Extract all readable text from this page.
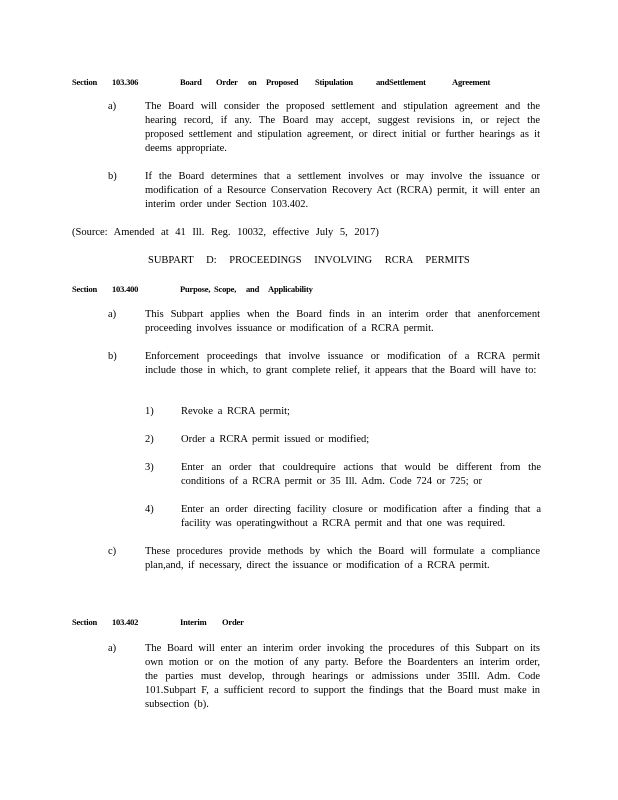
Section	103.306	Board	Order	on	Proposed	Stipulation	andSettlement	Agreement
a)	The Board will consider the proposed settlement and stipulation agreement and the hearing record, if any. The Board may accept, suggest revisions in, or reject the proposed settlement and stipulation agreement, or direct initial or further hearings as it deems appropriate.
b)	If the Board determines that a settlement involves or may involve the issuance or modification of a Resource Conservation Recovery Act (RCRA) permit, it will enter an interim order under Section 103.402.
(Source: Amended at 41 Ill. Reg. 10032, effective July 5, 2017)
SUBPART D: PROCEEDINGS INVOLVING RCRA PERMITS
Section	103.400	Purpose, Scope,	and	Applicability
a)	This Subpart applies when the Board finds in an interim order that anenforcement proceeding involves issuance or modification of a RCRA permit.
b)	Enforcement proceedings that involve issuance or modification of a RCRA permit include those in which, to grant complete relief, it appears that the Board will have to:
1)	Revoke a RCRA permit;
2)	Order a RCRA permit issued or modified;
3)	Enter an order that couldrequire actions that would be different from the conditions of a RCRA permit or 35 Ill. Adm. Code 724 or 725; or
4)	Enter an order directing facility closure or modification after a finding that a facility was operatingwithout a RCRA permit and that one was required.
c)	These procedures provide methods by which the Board will formulate a compliance plan,and, if necessary, direct the issuance or modification of a RCRA permit.
Section	103.402	Interim	Order
a)	The Board will enter an interim order invoking the procedures of this Subpart on its own motion or on the motion of any party. Before the Boardenters an interim order, the parties must develop, through hearings or admissions under 35Ill. Adm. Code 101.Subpart F, a sufficient record to support the findings that the Board must make in subsection (b).
